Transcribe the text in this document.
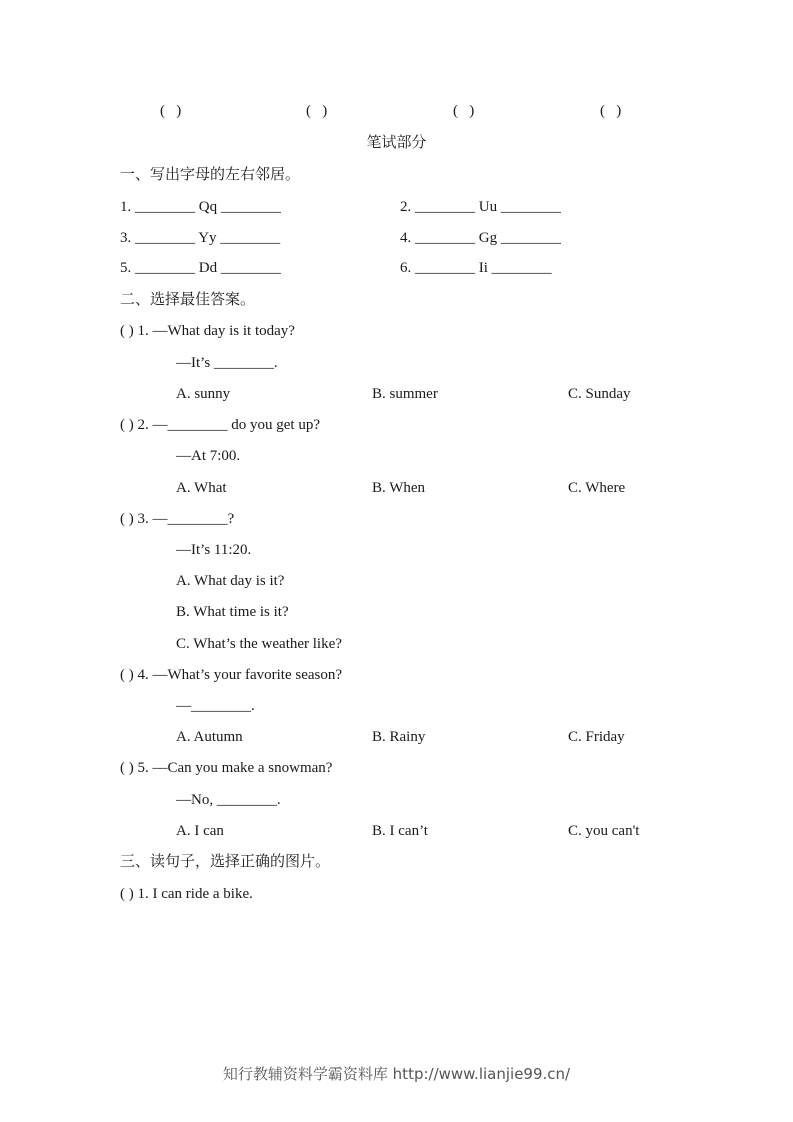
(   )	(   )	(   )	(   )
笔试部分
一、写出字母的左右邻居。
1. ________ Qq ________	2. ________ Uu ________
3. ________ Yy ________	4. ________ Gg ________
5. ________ Dd ________	6. ________ Ii ________
二、选择最佳答案。
( ) 1. —What day is it today?
—It’s ________.
A. sunny	B. summer	C. Sunday
( ) 2. —________ do you get up?
—At 7:00.
A. What	B. When	C. Where
( ) 3. —________?
—It’s 11:20.
A. What day is it?
B. What time is it?
C. What’s the weather like?
( ) 4. —What’s your favorite season?
—________.
A. Autumn	B. Rainy	C. Friday
( ) 5. —Can you make a snowman?
—No, ________.
A. I can	B. I can’t	C. you can't
三、读句子，选择正确的图片。
( ) 1. I can ride a bike.
知行教辅资料学霸资料库 http://www.lianjie99.cn/
